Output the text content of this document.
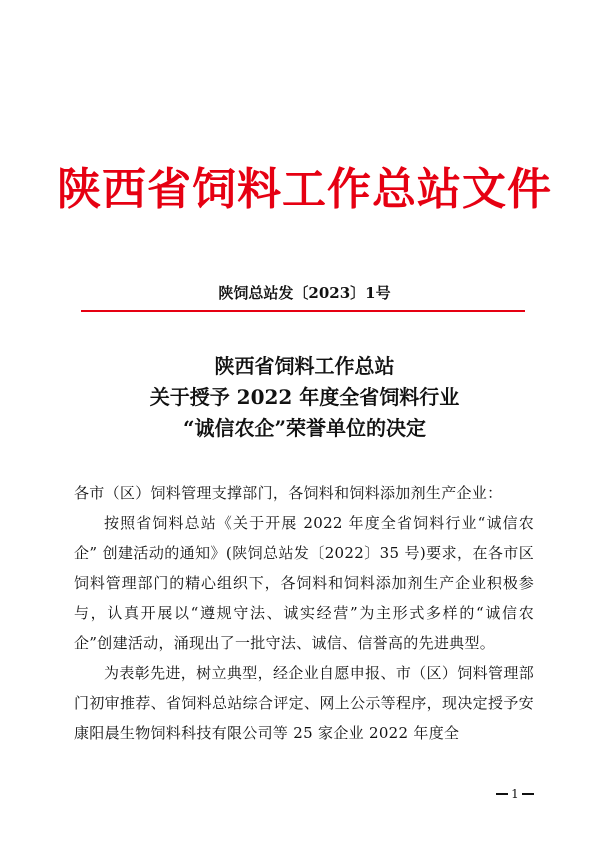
陕西省饲料工作总站文件
陕饲总站发〔2023〕1号
陕西省饲料工作总站
关于授予 2022 年度全省饲料行业
“诚信农企”荣誉单位的决定

各市（区）饲料管理支撑部门，各饲料和饲料添加剂生产企业：

按照省饲料总站《关于开展 2022 年度全省饲料行业“诚信农企” 创建活动的通知》(陕饲总站发〔2022〕35 号)要求，在各市区饲料管理部门的精心组织下，各饲料和饲料添加剂生产企业积极参与，认真开展以“遵规守法、诚实经营”为主形式多样的“诚信农企”创建活动，涌现出了一批守法、诚信、信誉高的先进典型。

为表彰先进，树立典型，经企业自愿申报、市（区）饲料管理部门初审推荐、省饲料总站综合评定、网上公示等程序，现决定授予安康阳晨生物饲料科技有限公司等 25 家企业 2022 年度全

1
